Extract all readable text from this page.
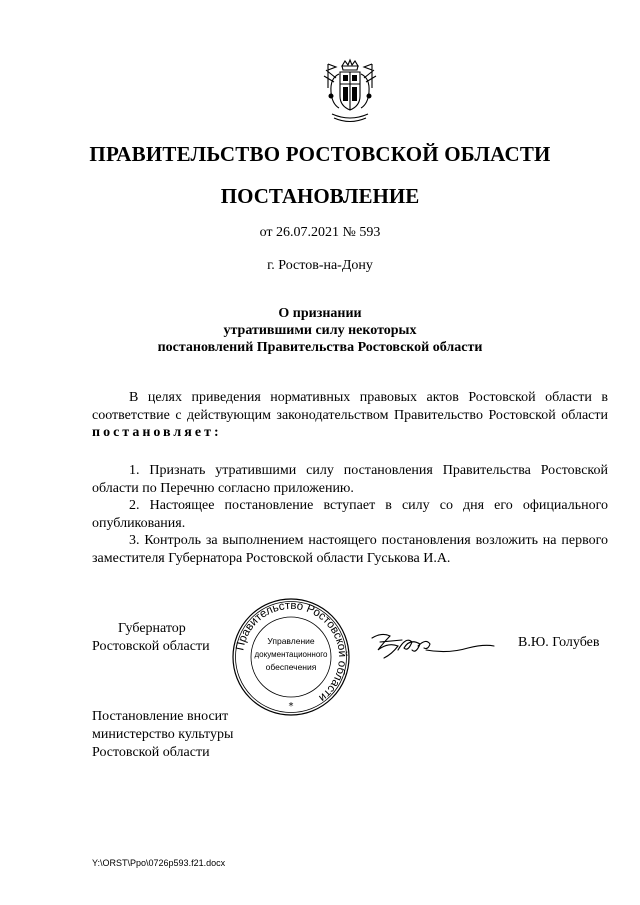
ПРАВИТЕЛЬСТВО РОСТОВСКОЙ ОБЛАСТИ
ПОСТАНОВЛЕНИЕ
от 26.07.2021 № 593
г. Ростов-на-Дону
О признании
утратившими силу некоторых
постановлений Правительства Ростовской области

В целях приведения нормативных правовых актов Ростовской области в соответствие с действующим законодательством Правительство Ростовской области постановляет:

1. Признать утратившими силу постановления Правительства Ростовской области по Перечню согласно приложению.

2. Настоящее постановление вступает в силу со дня его официального опубликования.

3. Контроль за выполнением настоящего постановления возложить на первого заместителя Губернатора Ростовской области Гуськова И.А.

Губернатор
Ростовской области Правительство Ростовской области
Управление
документационного
обеспечения
*
В.Ю. Голубев
Постановление вносит
министерство культуры
Ростовской области
Y:\ORST\Ppo\0726p593.f21.docx
